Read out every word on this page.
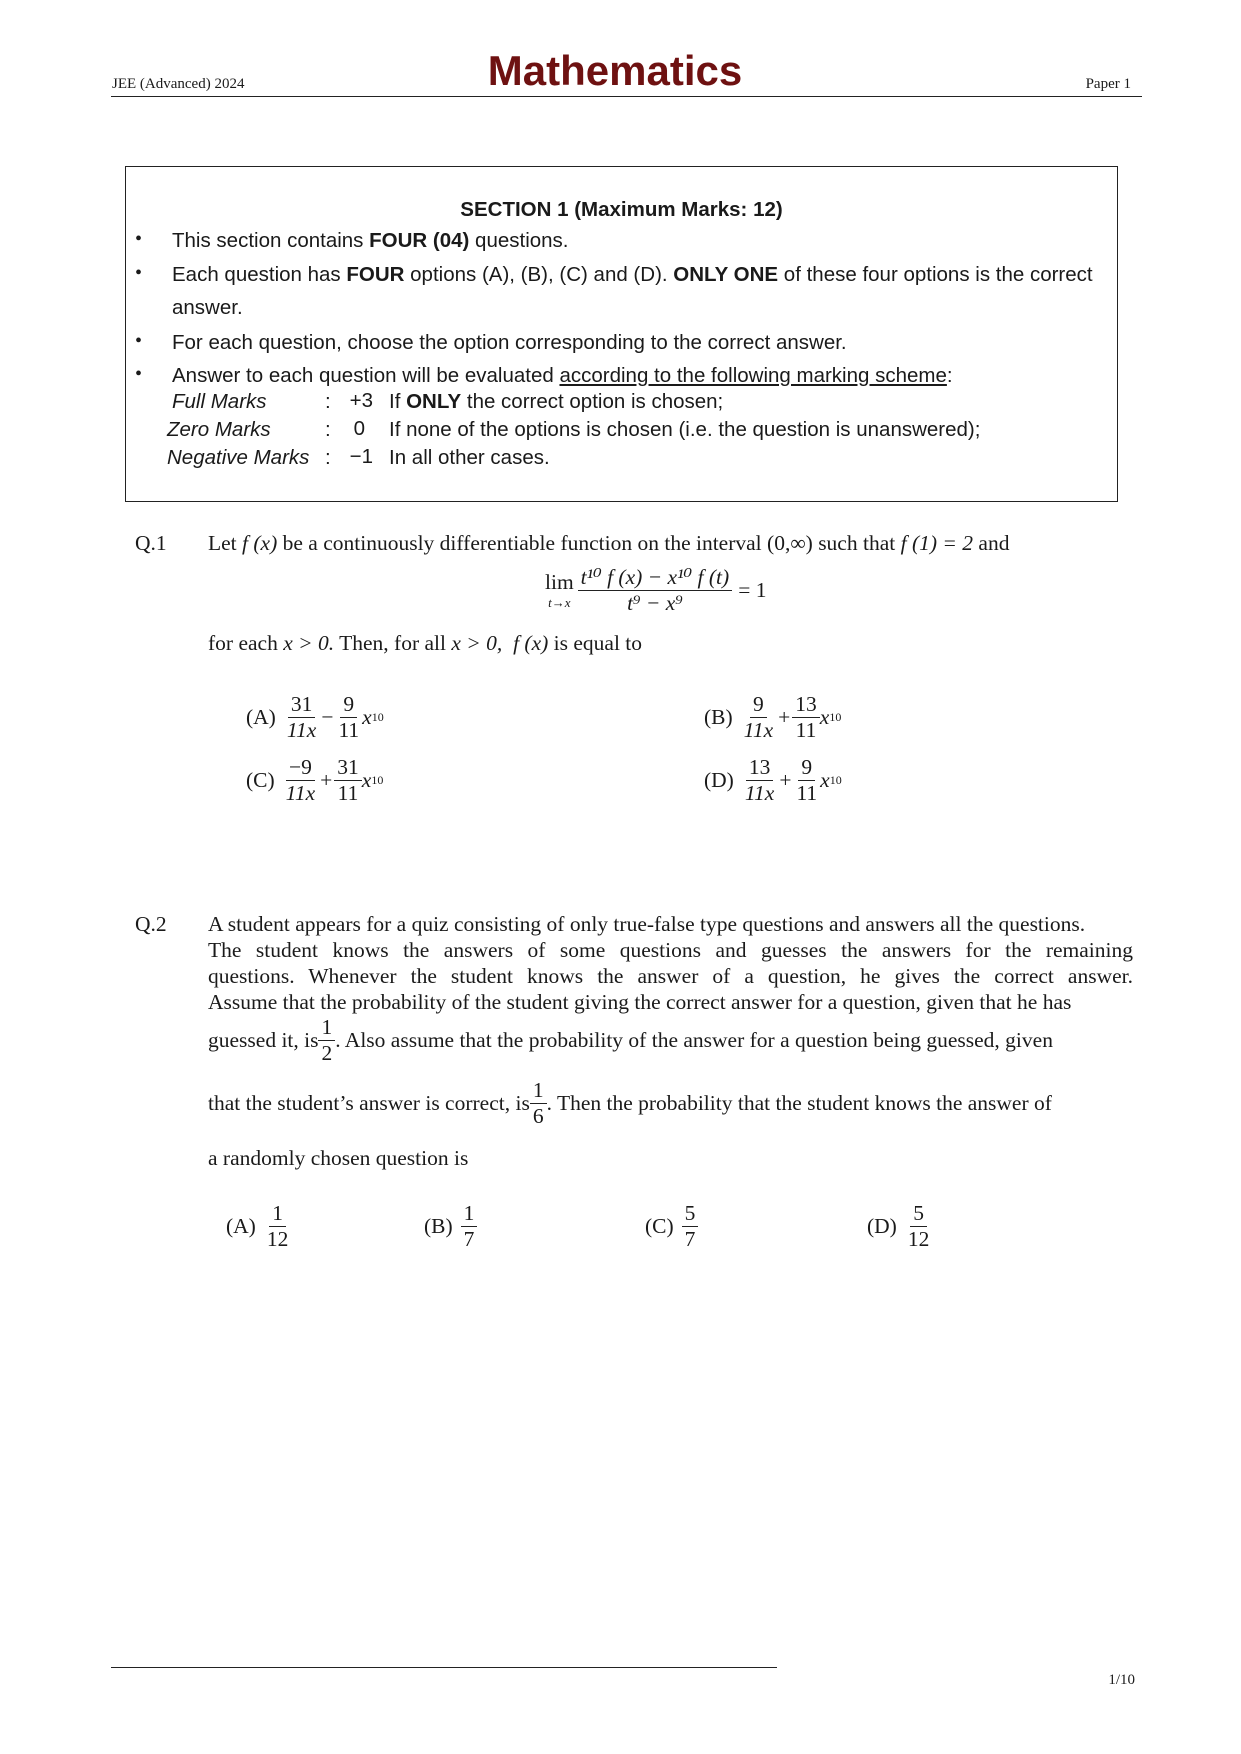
JEE (Advanced) 2024	Mathematics	Paper 1
SECTION 1 (Maximum Marks: 12)
• This section contains FOUR (04) questions.
• Each question has FOUR options (A), (B), (C) and (D). ONLY ONE of these four options is the correct answer.
• For each question, choose the option corresponding to the correct answer.
• Answer to each question will be evaluated according to the following marking scheme:
Full Marks	: +3 If ONLY the correct option is chosen;
Zero Marks	:	0 If none of the options is chosen (i.e. the question is unanswered);
Negative Marks : −1 In all other cases.
Q.1 Let f (x) be a continuously differentiable function on the interval (0,∞) such that f (1) = 2 and
lim
$t\to x \frac{\text{t¹⁰ f (x) − x¹⁰ f (t)}}{\text{t⁹ − x⁹}} = 1$
for each x > 0. Then, for all x > 0, f (x) is equal to
$(A) \frac{31}{11x} - \frac{9}{11}$ x 10	$(B) \frac{9}{11x} + \frac{13}{11}$ x 10
$(C) \frac{-9}{11x} + \frac{31}{11}$ x 10	$(D) \frac{13}{11x} + \frac{9}{11}$ x 10
Q.2 A student appears for a quiz consisting of only true-false type questions and answers all the questions.
The student knows the answers of some questions and guesses the answers for the remaining
questions. Whenever the student knows the answer of a question, he gives the correct answer.
Assume that the probability of the student giving the correct answer for a question, given that he has
guessed it, is $\frac{1}{2}$ . Also assume that the probability of the answer for a question being guessed, given
that the student’s answer is correct, is $\frac{1}{6}$ . Then the probability that the student knows the answer of
a randomly chosen question is
$(A) \frac{1}{12}$	$(B) \frac{1}{7}$	$(C) \frac{5}{7}$	$(D) \frac{5}{12}$
1/10
